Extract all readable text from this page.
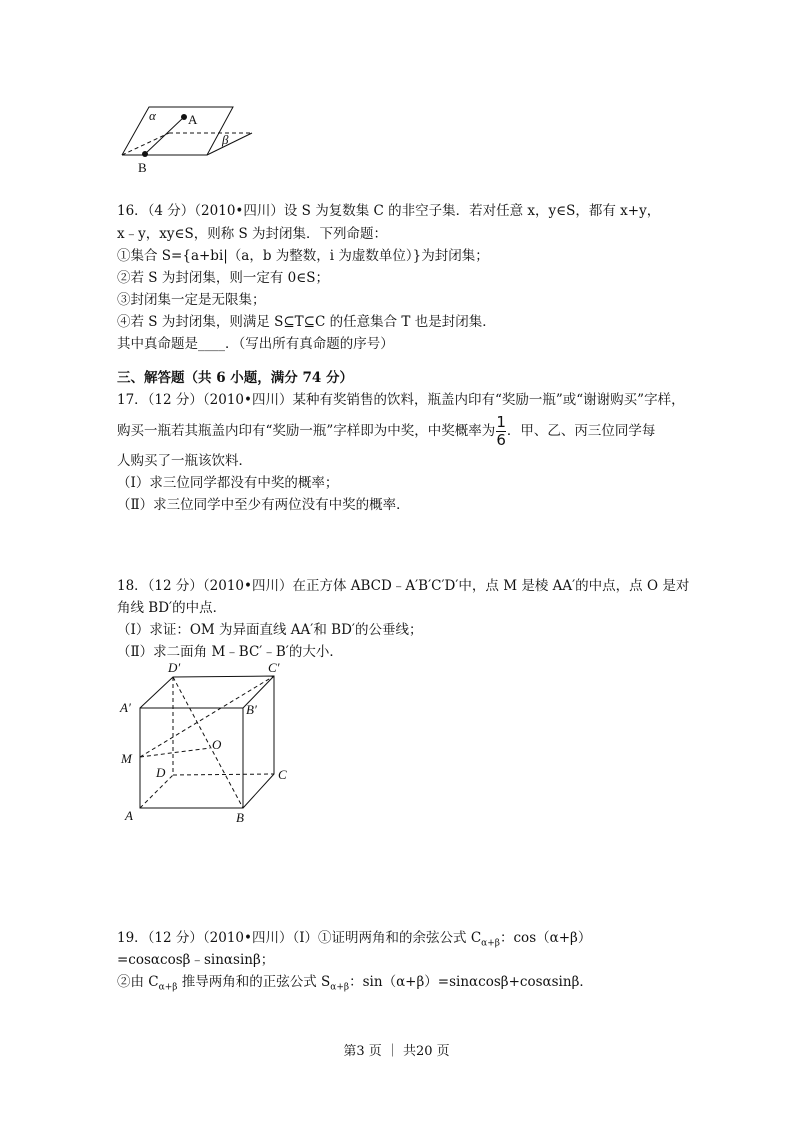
α
β
A
B
D′	C′
A′	B′
M
O
D	C
A	B
16．（4 分）（2010•四川）设 S 为复数集 C 的非空子集．若对任意 x，y∈S，都有 x+y，
x﹣y，xy∈S，则称 S 为封闭集．下列命题：
①集合 S={a+bi|（a，b 为整数，i 为虚数单位）}为封闭集；
②若 S 为封闭集，则一定有 0∈S；
③封闭集一定是无限集；
④若 S 为封闭集，则满足 S⊆T⊆C 的任意集合 T 也是封闭集．
其中真命题是____．（写出所有真命题的序号）
三、解答题（共 6 小题，满分 74 分）
17．（12 分）（2010•四川）某种有奖销售的饮料，瓶盖内印有“奖励一瓶”或“谢谢购买”字样，
购买一瓶若其瓶盖内印有“奖励一瓶”字样即为中奖，中奖概率为 $\frac{1}{6}$ ．甲、乙、丙三位同学每
人购买了一瓶该饮料．
（Ⅰ）求三位同学都没有中奖的概率；
（Ⅱ）求三位同学中至少有两位没有中奖的概率．
18．（12 分）（2010•四川）在正方体 ABCD﹣A′B′C′D′中，点 M 是棱 AA′的中点，点 O 是对
角线 BD′的中点．
（Ⅰ）求证：OM 为异面直线 AA′和 BD′的公垂线；
（Ⅱ）求二面角 M﹣BC′﹣B′的大小．
19．（12 分）（2010•四川）（Ⅰ）①证明两角和的余弦公式 $C_{\alpha+\beta}$：cos（α+β）
=cosαcosβ﹣sinαsinβ；
②由 $C_{\alpha+\beta}$ 推导两角和的正弦公式 $S_{\alpha+\beta}$：sin（α+β）=sinαcosβ+cosαsinβ．
第3 页 ｜ 共20 页
